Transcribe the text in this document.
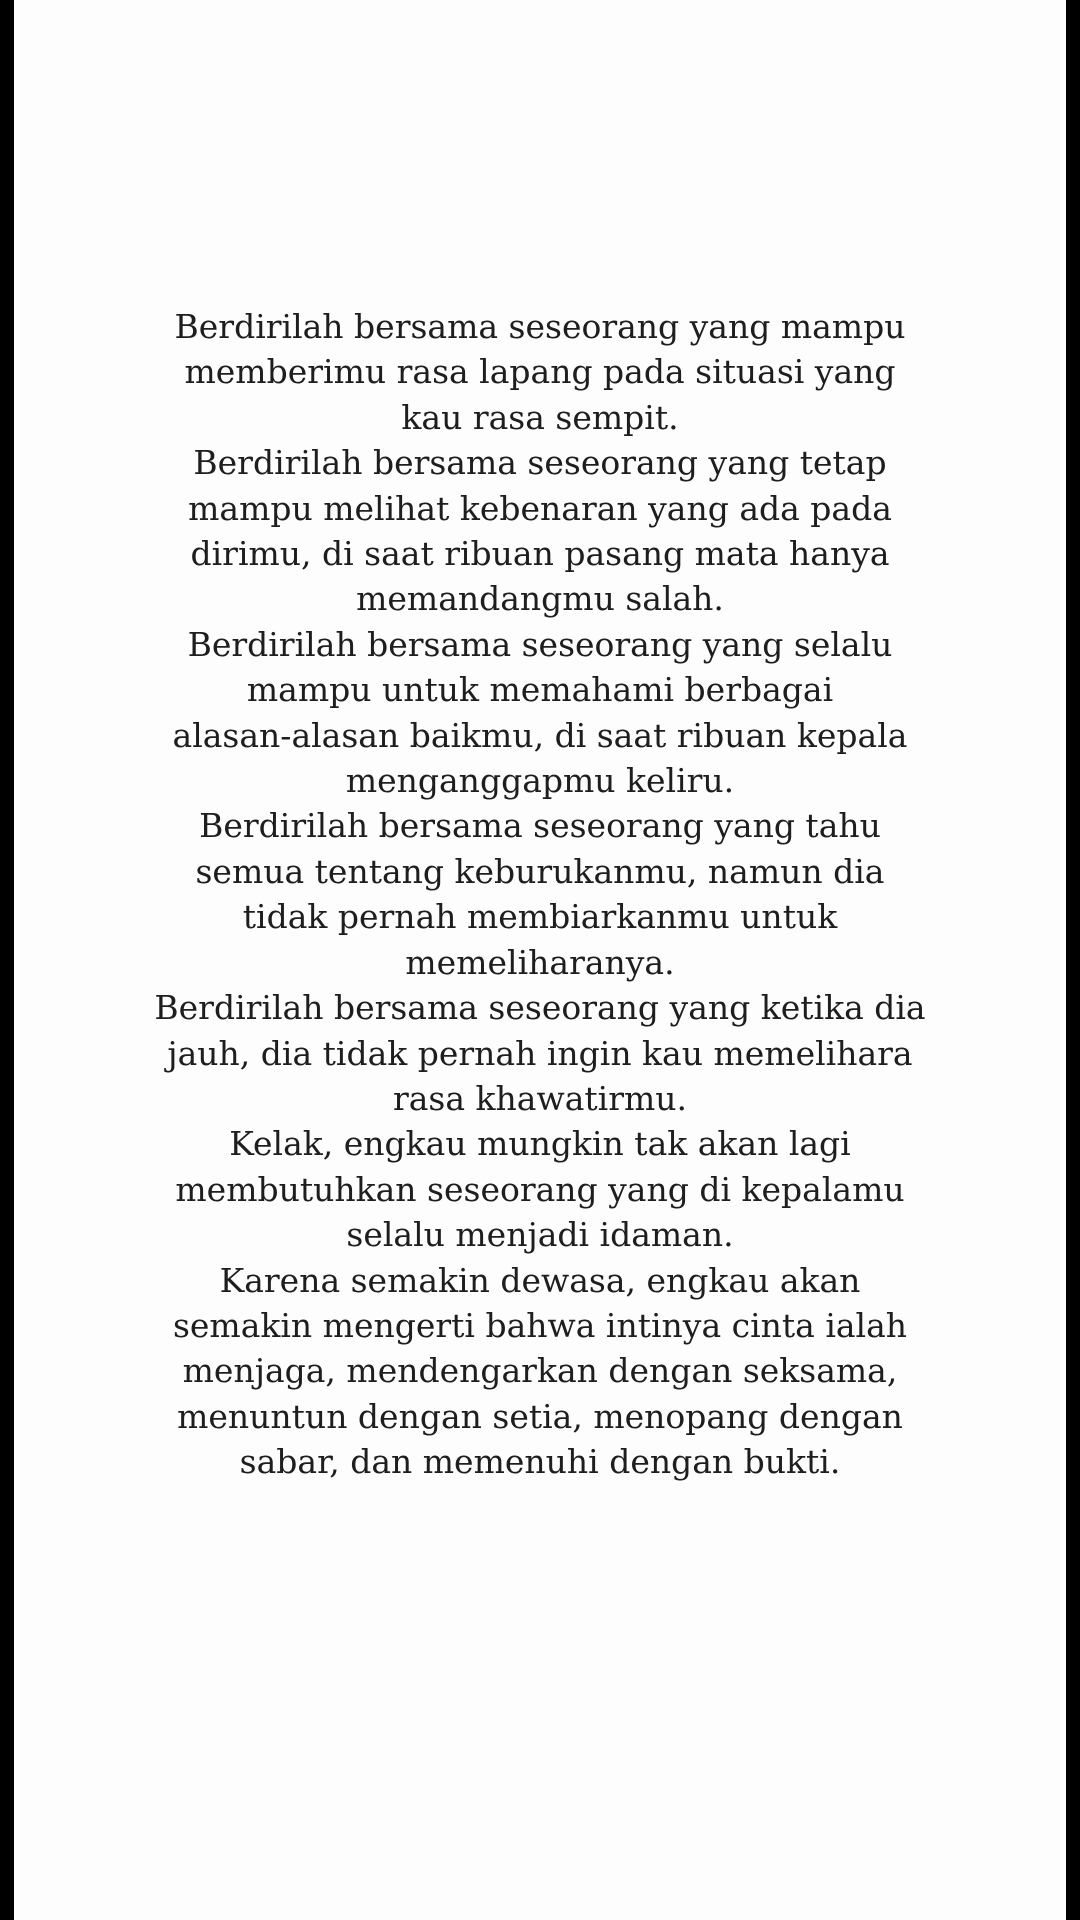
Berdirilah bersama seseorang yang mampu
memberimu rasa lapang pada situasi yang
kau rasa sempit.
Berdirilah bersama seseorang yang tetap
mampu melihat kebenaran yang ada pada
dirimu, di saat ribuan pasang mata hanya
memandangmu salah.
Berdirilah bersama seseorang yang selalu
mampu untuk memahami berbagai
alasan-alasan baikmu, di saat ribuan kepala
menganggapmu keliru.
Berdirilah bersama seseorang yang tahu
semua tentang keburukanmu, namun dia
tidak pernah membiarkanmu untuk
memeliharanya.
Berdirilah bersama seseorang yang ketika dia
jauh, dia tidak pernah ingin kau memelihara
rasa khawatirmu.
Kelak, engkau mungkin tak akan lagi
membutuhkan seseorang yang di kepalamu
selalu menjadi idaman.
Karena semakin dewasa, engkau akan
semakin mengerti bahwa intinya cinta ialah
menjaga, mendengarkan dengan seksama,
menuntun dengan setia, menopang dengan
sabar, dan memenuhi dengan bukti.
